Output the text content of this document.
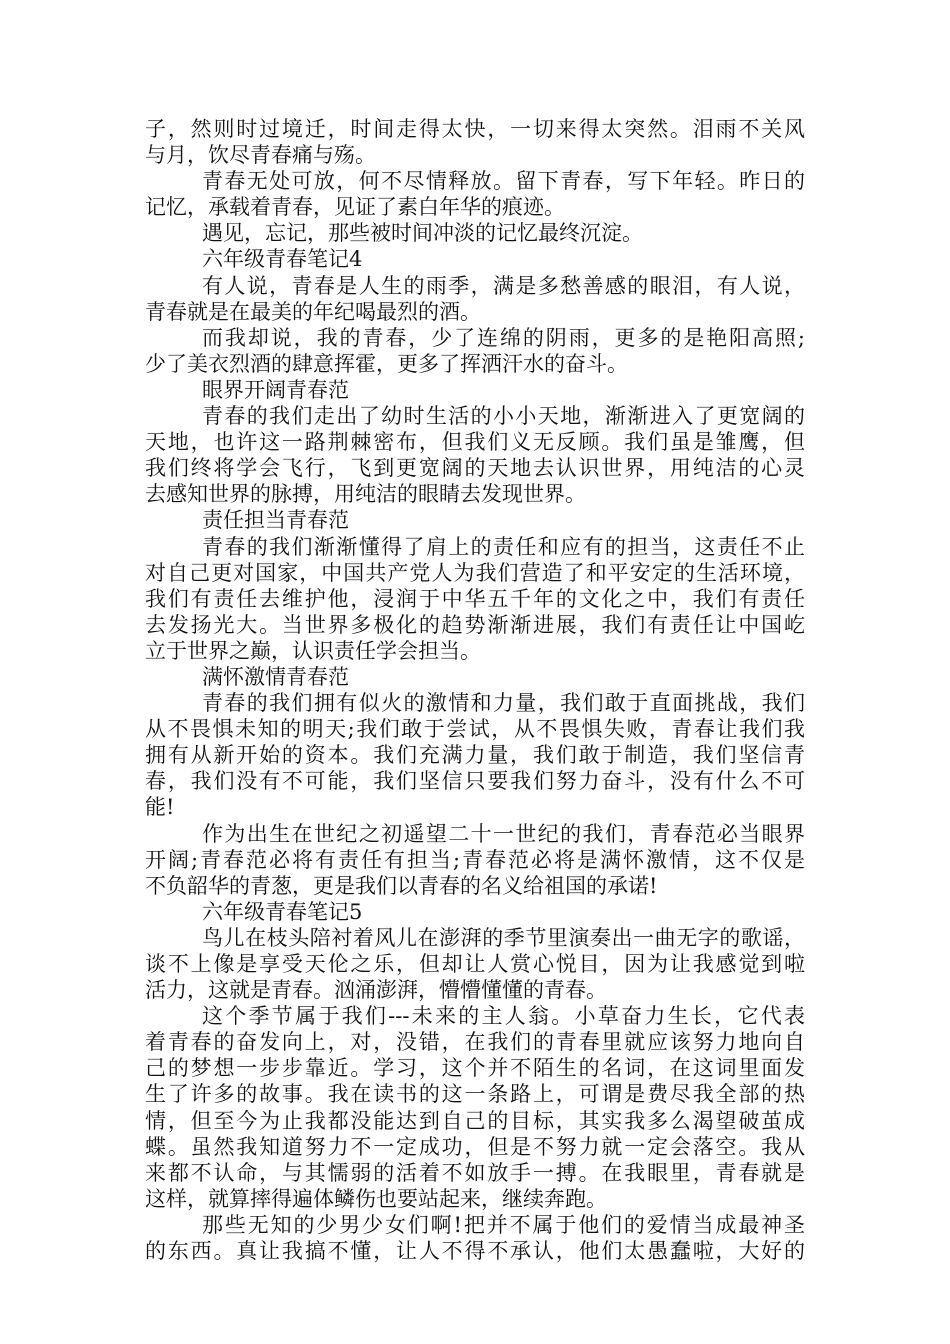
子，然则时过境迁，时间走得太快，一切来得太突然。泪雨不关风
与月，饮尽青春痛与殇。
青春无处可放，何不尽情释放。留下青春，写下年轻。昨日的
记忆，承载着青春，见证了素白年华的痕迹。
遇见，忘记，那些被时间冲淡的记忆最终沉淀。
六年级青春笔记4
有人说，青春是人生的雨季，满是多愁善感的眼泪，有人说，
青春就是在最美的年纪喝最烈的酒。
而我却说，我的青春，少了连绵的阴雨，更多的是艳阳高照;
少了美衣烈酒的肆意挥霍，更多了挥洒汗水的奋斗。
眼界开阔青春范
青春的我们走出了幼时生活的小小天地，渐渐进入了更宽阔的
天地，也许这一路荆棘密布，但我们义无反顾。我们虽是雏鹰，但
我们终将学会飞行，飞到更宽阔的天地去认识世界，用纯洁的心灵
去感知世界的脉搏，用纯洁的眼睛去发现世界。
责任担当青春范
青春的我们渐渐懂得了肩上的责任和应有的担当，这责任不止
对自己更对国家，中国共产党人为我们营造了和平安定的生活环境，
我们有责任去维护他，浸润于中华五千年的文化之中，我们有责任
去发扬光大。当世界多极化的趋势渐渐进展，我们有责任让中国屹
立于世界之巅，认识责任学会担当。
满怀激情青春范
青春的我们拥有似火的激情和力量，我们敢于直面挑战，我们
从不畏惧未知的明天;我们敢于尝试，从不畏惧失败，青春让我们我
拥有从新开始的资本。我们充满力量，我们敢于制造，我们坚信青
春，我们没有不可能，我们坚信只要我们努力奋斗，没有什么不可
能!
作为出生在世纪之初遥望二十一世纪的我们，青春范必当眼界
开阔;青春范必将有责任有担当;青春范必将是满怀激情，这不仅是
不负韶华的青葱，更是我们以青春的名义给祖国的承诺!
六年级青春笔记5
鸟儿在枝头陪衬着风儿在澎湃的季节里演奏出一曲无字的歌谣，
谈不上像是享受天伦之乐，但却让人赏心悦目，因为让我感觉到啦
活力，这就是青春。汹涌澎湃，懵懵懂懂的青春。
这个季节属于我们---未来的主人翁。小草奋力生长，它代表
着青春的奋发向上，对，没错，在我们的青春里就应该努力地向自
己的梦想一步步靠近。学习，这个并不陌生的名词，在这词里面发
生了许多的故事。我在读书的这一条路上，可谓是费尽我全部的热
情，但至今为止我都没能达到自己的目标，其实我多么渴望破茧成
蝶。虽然我知道努力不一定成功，但是不努力就一定会落空。我从
来都不认命，与其懦弱的活着不如放手一搏。在我眼里，青春就是
这样，就算摔得遍体鳞伤也要站起来，继续奔跑。
那些无知的少男少女们啊!把并不属于他们的爱情当成最神圣
的东西。真让我搞不懂，让人不得不承认，他们太愚蠢啦，大好的
